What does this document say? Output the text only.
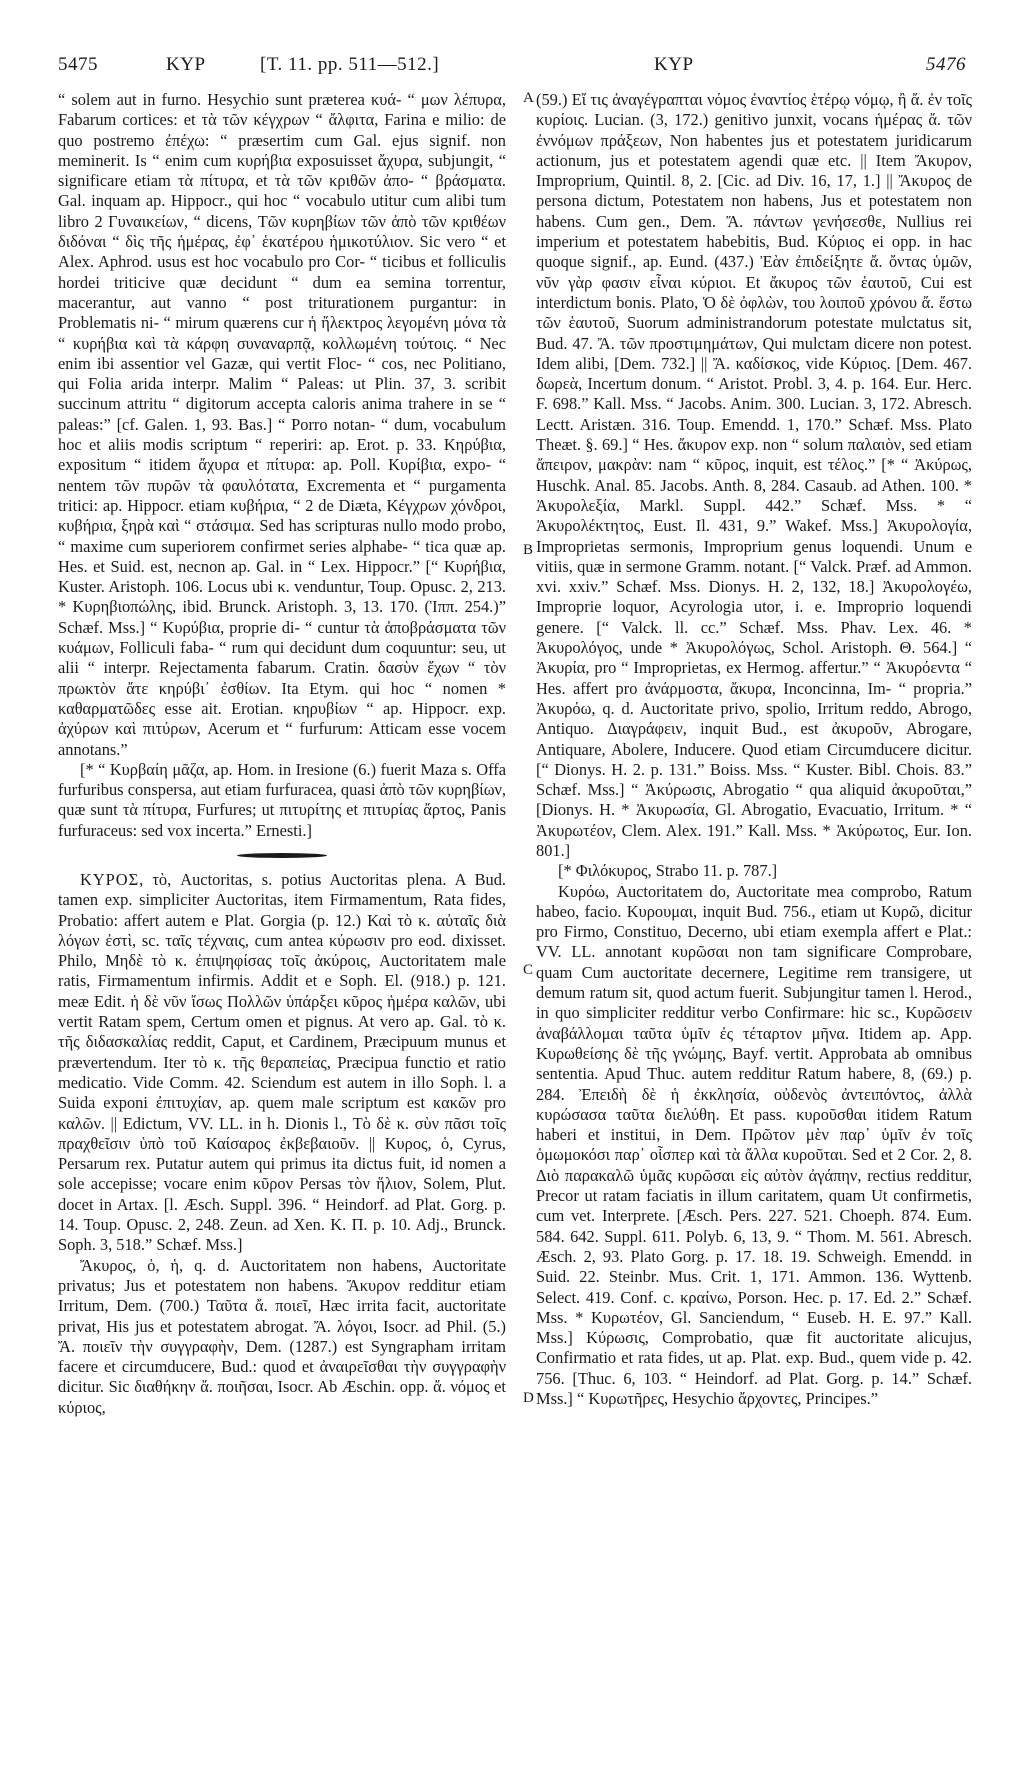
5475	ΚΥΡ	[T. 11. pp. 511—512.]	ΚΥΡ	5476
A
B
C
D

“ solem aut in furno. Hesychio sunt præterea κυά- “ μων λέπυρα, Fabarum cortices: et τὰ τῶν κέγχρων “ ἄλφιτα, Farina e milio: de quo postremo ἐπέχω: “ præsertim cum Gal. ejus signif. non meminerit. Is “ enim cum κυρήβια exposuisset ἄχυρα, subjungit, “ significare etiam τὰ πίτυρα, et τὰ τῶν κριθῶν ἀπο- “ βράσματα. Gal. inquam ap. Hippocr., qui hoc “ vocabulo utitur cum alibi tum libro 2 Γυναικείων, “ dicens, Τῶν κυρηβίων τῶν ἀπὸ τῶν κριθέων διδόναι “ δὶς τῆς ἡμέρας, ἐφ᾽ ἑκατέρου ἡμικοτύλιον. Sic vero “ et Alex. Aphrod. usus est hoc vocabulo pro Cor- “ ticibus et folliculis hordei triticive quæ decidunt “ dum ea semina torrentur, macerantur, aut vanno “ post triturationem purgantur: in Problematis ni- “ mirum quærens cur ἡ ἤλεκτρος λεγομένη μόνα τὰ “ κυρήβια καὶ τὰ κάρφη συναναρπᾷ, κολλωμένη τούτοις. “ Nec enim ibi assentior vel Gazæ, qui vertit Floc- “ cos, nec Politiano, qui Folia arida interpr. Malim “ Paleas: ut Plin. 37, 3. scribit succinum attritu “ digitorum accepta caloris anima trahere in se “ paleas:” [cf. Galen. 1, 93. Bas.] “ Porro notan- “ dum, vocabulum hoc et aliis modis scriptum “ reperiri: ap. Erot. p. 33. Κηρύβια, expositum “ itidem ἄχυρα et πίτυρα: ap. Poll. Κυρίβια, expo- “ nentem τῶν πυρῶν τὰ φαυλότατα, Excrementa et “ purgamenta tritici: ap. Hippocr. etiam κυβήρια, “ 2 de Diæta, Κέγχρων χόνδροι, κυβήρια, ξηρὰ καὶ “ στάσιμα. Sed has scripturas nullo modo probo, “ maxime cum superiorem confirmet series alphabe- “ tica quæ ap. Hes. et Suid. est, necnon ap. Gal. in “ Lex. Hippocr.” [“ Κυρήβια, Kuster. Aristoph. 106. Locus ubi κ. venduntur, Toup. Opusc. 2, 213. * Κυρηβιοπώλης, ibid. Brunck. Aristoph. 3, 13. 170. (Ἱππ. 254.)” Schæf. Mss.] “ Κυρύβια, proprie di- “ cuntur τὰ ἀποβράσματα τῶν κυάμων, Folliculi faba- “ rum qui decidunt dum coquuntur: seu, ut alii “ interpr. Rejectamenta fabarum. Cratin. δασὺν ἔχων “ τὸν πρωκτὸν ἄτε κηρύβι᾽ ἐσθίων. Ita Etym. qui hoc “ nomen * καθαρματῶδες esse ait. Erotian. κηρυβίων “ ap. Hippocr. exp. ἀχύρων καὶ πιτύρων, Acerum et “ furfurum: Atticam esse vocem annotans.”

[* “ Κυρβαίη μᾶζα, ap. Hom. in Iresione (6.) fuerit Maza s. Offa furfuribus conspersa, aut etiam furfuracea, quasi ἀπὸ τῶν κυρηβίων, quæ sunt τὰ πίτυρα, Furfures; ut πιτυρίτης et πιτυρίας ἄρτος, Panis furfuraceus: sed vox incerta.” Ernesti.]

ΚΥΡΟΣ, τὸ, Auctoritas, s. potius Auctoritas plena. A Bud. tamen exp. simpliciter Auctoritas, item Firmamentum, Rata fides, Probatio: affert autem e Plat. Gorgia (p. 12.) Καὶ τὸ κ. αὐταῖς διὰ λόγων ἐστὶ, sc. ταῖς τέχναις, cum antea κύρωσιν pro eod. dixisset. Philo, Μηδὲ τὸ κ. ἐπιψηφίσας τοῖς ἀκύροις, Auctoritatem male ratis, Firmamentum infirmis. Addit et e Soph. El. (918.) p. 121. meæ Edit. ἡ δὲ νῦν ἴσως Πολλῶν ὑπάρξει κῦρος ἡμέρα καλῶν, ubi vertit Ratam spem, Certum omen et pignus. At vero ap. Gal. τὸ κ. τῆς διδασκαλίας reddit, Caput, et Cardinem, Præcipuum munus et prævertendum. Iter τὸ κ. τῆς θεραπείας, Præcipua functio et ratio medicatio. Vide Comm. 42. Sciendum est autem in illo Soph. l. a Suida exponi ἐπιτυχίαν, ap. quem male scriptum est κακῶν pro καλῶν. || Edictum, VV. LL. in h. Dionis l., Τὸ δὲ κ. σὺν πᾶσι τοῖς πραχθεῖσιν ὑπὸ τοῦ Καίσαρος ἐκβεβαιοῦν. || Κυρος, ὁ, Cyrus, Persarum rex. Putatur autem qui primus ita dictus fuit, id nomen a sole accepisse; vocare enim κῦρον Persas τὸν ἥλιον, Solem, Plut. docet in Artax. [l. Æsch. Suppl. 396. “ Heindorf. ad Plat. Gorg. p. 14. Toup. Opusc. 2, 248. Zeun. ad Xen. K. Π. p. 10. Adj., Brunck. Soph. 3, 518.” Schæf. Mss.]

Ἄκυρος, ὁ, ἡ, q. d. Auctoritatem non habens, Auctoritate privatus; Jus et potestatem non habens. Ἄκυρον redditur etiam Irritum, Dem. (700.) Ταῦτα ἄ. ποιεῖ, Hæc irrita facit, auctoritate privat, His jus et potestatem abrogat. Ἄ. λόγοι, Isocr. ad Phil. (5.) Ἄ. ποιεῖν τὴν συγγραφὴν, Dem. (1287.) est Syngrapham irritam facere et circumducere, Bud.: quod et ἀναιρεῖσθαι τὴν συγγραφὴν dicitur. Sic διαθήκην ἄ. ποιῆσαι, Isocr. Ab Æschin. opp. ἄ. νόμος et κύριος,

(59.) Εἴ τις ἀναγέγραπται νόμος ἐναντίος ἑτέρῳ νόμῳ, ἢ ἄ. ἐν τοῖς κυρίοις. Lucian. (3, 172.) genitivo junxit, vocans ἡμέρας ἄ. τῶν ἐννόμων πράξεων, Non habentes jus et potestatem juridicarum actionum, jus et potestatem agendi quæ etc. || Item Ἄκυρον, Improprium, Quintil. 8, 2. [Cic. ad Div. 16, 17, 1.] || Ἄκυρος de persona dictum, Potestatem non habens, Jus et potestatem non habens. Cum gen., Dem. Ἄ. πάντων γενήσεσθε, Nullius rei imperium et potestatem habebitis, Bud. Κύριος ei opp. in hac quoque signif., ap. Eund. (437.) Ἐὰν ἐπιδείξητε ἄ. ὄντας ὑμῶν, νῦν γὰρ φασιν εἶναι κύριοι. Et ἄκυρος τῶν ἑαυτοῦ, Cui est interdictum bonis. Plato, Ὁ δὲ ὀφλὼν, του λοιποῦ χρόνου ἄ. ἔστω τῶν ἑαυτοῦ, Suorum administrandorum potestate mulctatus sit, Bud. 47. Ἄ. τῶν προστιμημάτων, Qui mulctam dicere non potest. Idem alibi, [Dem. 732.] || Ἄ. καδίσκος, vide Κύριος. [Dem. 467. δωρεὰ, Incertum donum. “ Aristot. Probl. 3, 4. p. 164. Eur. Herc. F. 698.” Kall. Mss. “ Jacobs. Anim. 300. Lucian. 3, 172. Abresch. Lectt. Aristæn. 316. Toup. Emendd. 1, 170.” Schæf. Mss. Plato Theæt. §. 69.] “ Hes. ἄκυρον exp. non “ solum παλαιὸν, sed etiam ἄπειρον, μακρὰν: nam “ κῦρος, inquit, est τέλος.” [* “ Ἀκύρως, Huschk. Anal. 85. Jacobs. Anth. 8, 284. Casaub. ad Athen. 100. * Ἀκυρολεξία, Markl. Suppl. 442.” Schæf. Mss. * “ Ἀκυρολέκτητος, Eust. Il. 431, 9.” Wakef. Mss.] Ἀκυρολογία, Improprietas sermonis, Improprium genus loquendi. Unum e vitiis, quæ in sermone Gramm. notant. [“ Valck. Præf. ad Ammon. xvi. xxiv.” Schæf. Mss. Dionys. H. 2, 132, 18.] Ἀκυρολογέω, Improprie loquor, Acyrologia utor, i. e. Improprio loquendi genere. [“ Valck. ll. cc.” Schæf. Mss. Phav. Lex. 46. * Ἀκυρολόγος, unde * Ἀκυρολόγως, Schol. Aristoph. Θ. 564.] “ Ἀκυρία, pro “ Improprietas, ex Hermog. affertur.” “ Ἀκυρόεντα “ Hes. affert pro ἀνάρμοστα, ἄκυρα, Inconcinna, Im- “ propria.” Ἀκυρόω, q. d. Auctoritate privo, spolio, Irritum reddo, Abrogo, Antiquo. Διαγράφειν, inquit Bud., est ἀκυροῦν, Abrogare, Antiquare, Abolere, Inducere. Quod etiam Circumducere dicitur. [“ Dionys. H. 2. p. 131.” Boiss. Mss. “ Kuster. Bibl. Chois. 83.” Schæf. Mss.] “ Ἀκύρωσις, Abrogatio “ qua aliquid ἀκυροῦται,” [Dionys. H. * Ἀκυρωσία, Gl. Abrogatio, Evacuatio, Irritum. * “ Ἀκυρωτέον, Clem. Alex. 191.” Kall. Mss. * Ἀκύρωτος, Eur. Ion. 801.]

[* Φιλόκυρος, Strabo 11. p. 787.]

Κυρόω, Auctoritatem do, Auctoritate mea comprobo, Ratum habeo, facio. Κυρουμαι, inquit Bud. 756., etiam ut Κυρῶ, dicitur pro Firmo, Constituo, Decerno, ubi etiam exempla affert e Plat.: VV. LL. annotant κυρῶσαι non tam significare Comprobare, quam Cum auctoritate decernere, Legitime rem transigere, ut demum ratum sit, quod actum fuerit. Subjungitur tamen l. Herod., in quo simpliciter redditur verbo Confirmare: hic sc., Κυρῶσειν ἀναβάλλομαι ταῦτα ὑμῖν ἐς τέταρτον μῆνα. Itidem ap. App. Κυρωθείσης δὲ τῆς γνώμης, Bayf. vertit. Approbata ab omnibus sententia. Apud Thuc. autem redditur Ratum habere, 8, (69.) p. 284. Ἐπειδὴ δὲ ἡ ἐκκλησία, οὐδενὸς ἀντειπόντος, ἀλλὰ κυρώσασα ταῦτα διελύθη. Et pass. κυροῦσθαι itidem Ratum haberi et institui, in Dem. Πρῶτον μὲν παρ᾽ ὑμῖν ἐν τοῖς ὁμωμοκόσι παρ᾽ οἷσπερ καὶ τὰ ἄλλα κυροῦται. Sed et 2 Cor. 2, 8. Διὸ παρακαλῶ ὑμᾶς κυρῶσαι εἰς αὐτὸν ἀγάπην, rectius redditur, Precor ut ratam faciatis in illum caritatem, quam Ut confirmetis, cum vet. Interprete. [Æsch. Pers. 227. 521. Choeph. 874. Eum. 584. 642. Suppl. 611. Polyb. 6, 13, 9. “ Thom. M. 561. Abresch. Æsch. 2, 93. Plato Gorg. p. 17. 18. 19. Schweigh. Emendd. in Suid. 22. Steinbr. Mus. Crit. 1, 171. Ammon. 136. Wyttenb. Select. 419. Conf. c. κραίνω, Porson. Hec. p. 17. Ed. 2.” Schæf. Mss. * Κυρωτέον, Gl. Sanciendum, “ Euseb. H. E. 97.” Kall. Mss.] Κύρωσις, Comprobatio, quæ fit auctoritate alicujus, Confirmatio et rata fides, ut ap. Plat. exp. Bud., quem vide p. 42. 756. [Thuc. 6, 103. “ Heindorf. ad Plat. Gorg. p. 14.” Schæf. Mss.] “ Κυρωτῆρες, Hesychio ἄρχοντες, Principes.”
